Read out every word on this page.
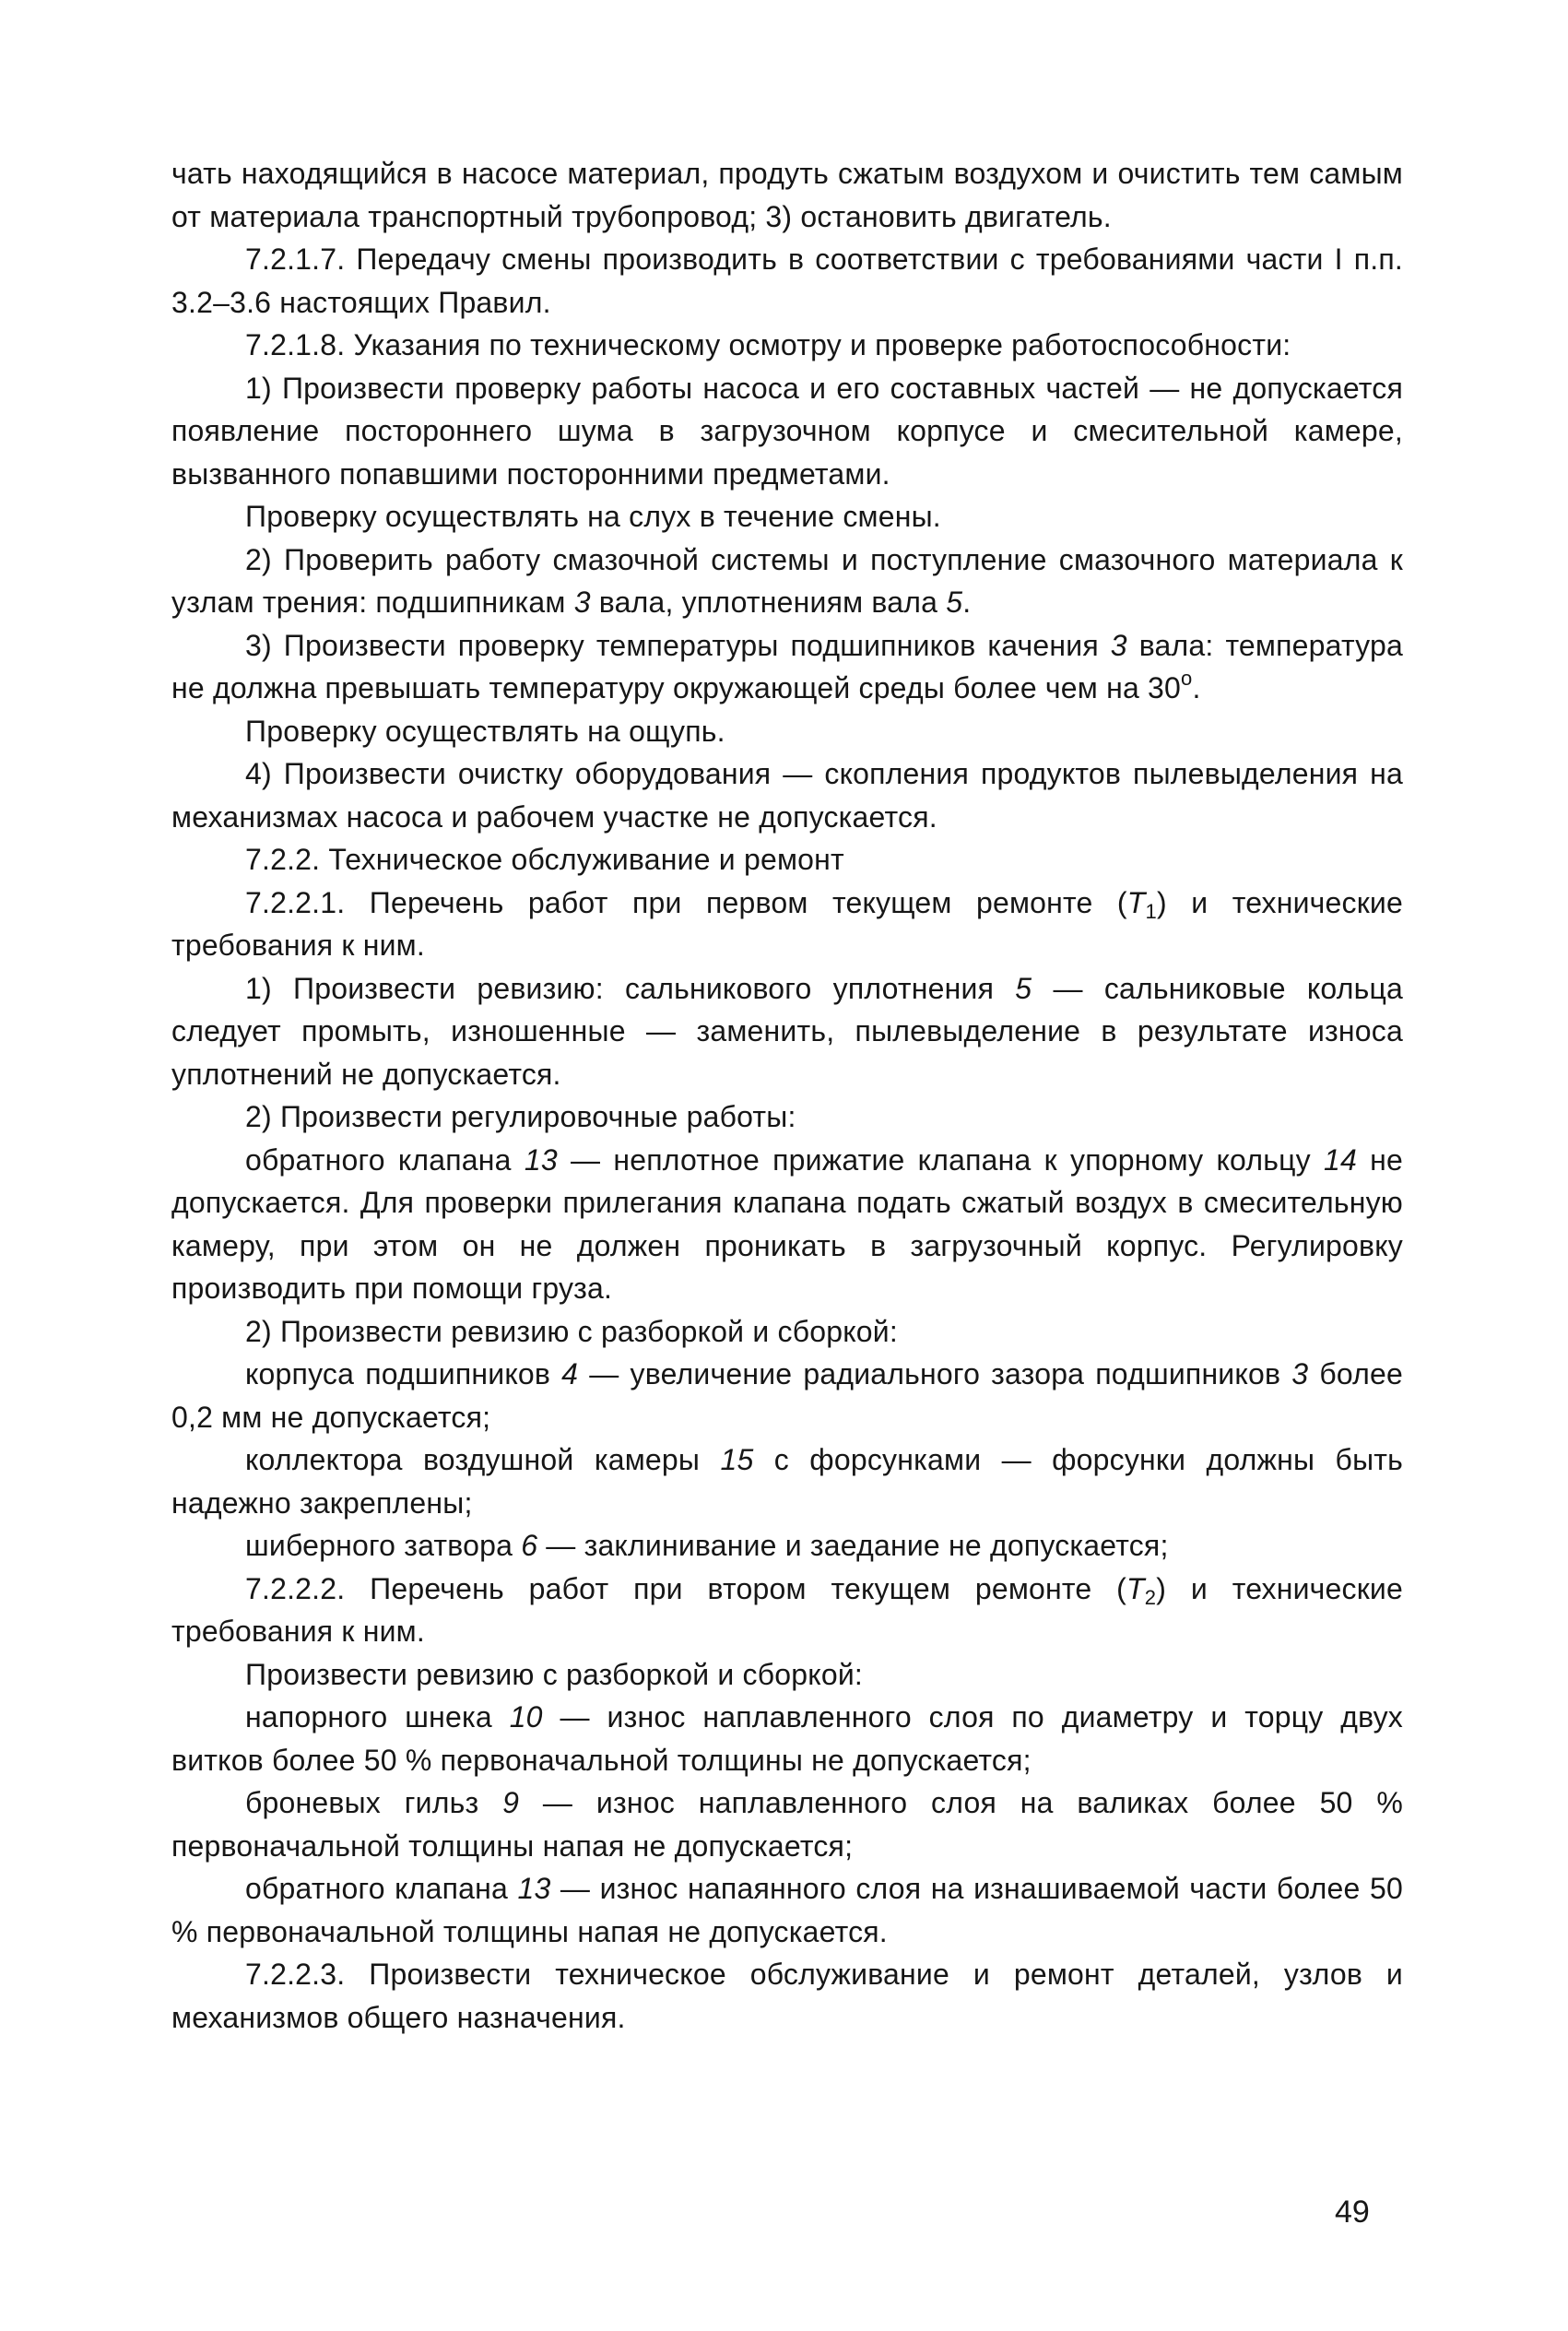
чать находящийся в насосе материал, продуть сжатым воздухом и очистить тем самым от материала транспортный трубопровод; 3) остановить двигатель.

7.2.1.7. Передачу смены производить в соответствии с требованиями части I п.п. 3.2–3.6 настоящих Правил.

7.2.1.8. Указания по техническому осмотру и проверке работоспособности:

1) Произвести проверку работы насоса и его составных частей — не допускается появление постороннего шума в загрузочном корпусе и смесительной камере, вызванного попавшими посторонними предметами.

Проверку осуществлять на слух в течение смены.

2) Проверить работу смазочной системы и поступление смазочного материала к узлам трения: подшипникам 3 вала, уплотнениям вала 5.

3) Произвести проверку температуры подшипников качения 3 вала: температура не должна превышать температуру окружающей среды более чем на $30^о$.

Проверку осуществлять на ощупь.

4) Произвести очистку оборудования — скопления продуктов пылевыделения на механизмах насоса и рабочем участке не допускается.

7.2.2. Техническое обслуживание и ремонт

7.2.2.1. Перечень работ при первом текущем ремонте $(Т_1)$ и технические требования к ним.

1) Произвести ревизию: сальникового уплотнения 5 — сальниковые кольца следует промыть, изношенные — заменить, пылевыделение в результате износа уплотнений не допускается.

2) Произвести регулировочные работы:

обратного клапана 13 — неплотное прижатие клапана к упорному кольцу 14 не допускается. Для проверки прилегания клапана подать сжатый воздух в смесительную камеру, при этом он не должен проникать в загрузочный корпус. Регулировку производить при помощи груза.

2) Произвести ревизию с разборкой и сборкой:

корпуса подшипников 4 — увеличение радиального зазора подшипников 3 более 0,2 мм не допускается;

коллектора воздушной камеры 15 с форсунками — форсунки должны быть надежно закреплены;

шиберного затвора 6 — заклинивание и заедание не допускается;

7.2.2.2. Перечень работ при втором текущем ремонте $(Т_2)$ и технические требования к ним.

Произвести ревизию с разборкой и сборкой:

напорного шнека 10 — износ наплавленного слоя по диаметру и торцу двух витков более 50 % первоначальной толщины не допускается;

броневых гильз 9 — износ наплавленного слоя на валиках более 50 % первоначальной толщины напая не допускается;

обратного клапана 13 — износ напаянного слоя на изнашиваемой части более 50 % первоначальной толщины напая не допускается.

7.2.2.3. Произвести техническое обслуживание и ремонт деталей, узлов и механизмов общего назначения.

49
